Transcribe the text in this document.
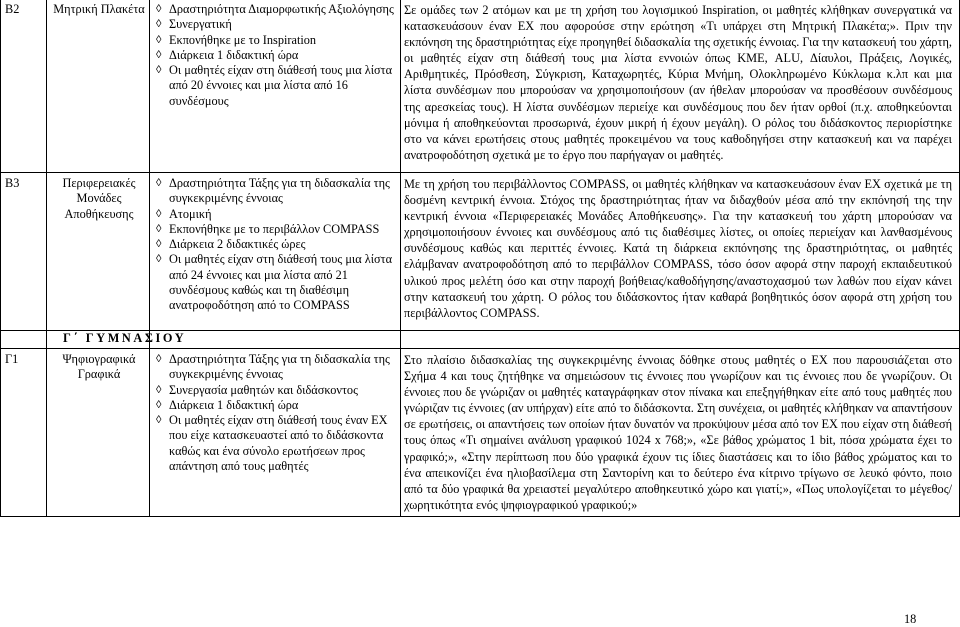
B2	Μητρική Πλακέτα
◊	Δραστηριότητα Διαμορφωτικής Αξιολόγησης
◊ Συνεργατική
◊ Εκπονήθηκε με το Inspiration
◊ Διάρκεια 1 διδακτική ώρα
◊ Οι μαθητές είχαν στη διάθεσή τους μια λίστα από 20 έννοιες και μια λίστα από 16 συνδέσμους
Σε ομάδες των 2 ατόμων και με τη χρήση του λογισμικού Inspiration, οι μαθητές κλήθηκαν συνεργατικά να κατασκευάσουν έναν ΕΧ που αφορούσε στην ερώτηση «Τι υπάρχει στη Μητρική Πλακέτα;». Πριν την εκπόνηση της δραστηριότητας είχε προηγηθεί διδασκαλία της σχετικής έννοιας. Για την κατασκευή του χάρτη, οι μαθητές είχαν στη διάθεσή τους μια λίστα εννοιών όπως ΚΜΕ, ALU, Δίαυλοι, Πράξεις, Λογικές, Αριθμητικές, Πρόσθεση, Σύγκριση, Καταχωρητές, Κύρια Μνήμη, Ολοκληρωμένο Κύκλωμα κ.λπ και μια λίστα συνδέσμων που μπορούσαν να χρησιμοποιήσουν (αν ήθελαν μπορούσαν να προσθέσουν συνδέσμους της αρεσκείας τους). Η λίστα συνδέσμων περιείχε και συνδέσμους που δεν ήταν ορθοί (π.χ. αποθηκεύονται μόνιμα ή αποθηκεύονται προσωρινά, έχουν μικρή ή έχουν μεγάλη). Ο ρόλος του διδάσκοντος περιορίστηκε στο να κάνει ερωτήσεις στους μαθητές προκειμένου να τους καθοδηγήσει στην κατασκευή και να παρέχει ανατροφοδότηση σχετικά με το έργο που παρήγαγαν οι μαθητές.
B3	Περιφερειακές Μονάδες Αποθήκευσης
◊ Δραστηριότητα Τάξης για τη διδασκαλία της συγκεκριμένης έννοιας
◊ Ατομική
◊ Εκπονήθηκε με το περιβάλλον COMPASS
◊ Διάρκεια 2 διδακτικές ώρες
◊ Οι μαθητές είχαν στη διάθεσή τους μια λίστα από 24 έννοιες και μια λίστα από 21 συνδέσμους καθώς και τη διαθέσιμη ανατροφοδότηση από το COMPASS
Με τη χρήση του περιβάλλοντος COMPASS, οι μαθητές κλήθηκαν να κατασκευάσουν έναν ΕΧ σχετικά με τη δοσμένη κεντρική έννοια. Στόχος της δραστηριότητας ήταν να διδαχθούν μέσα από την εκπόνησή της την κεντρική έννοια «Περιφερειακές Μονάδες Αποθήκευσης». Για την κατασκευή του χάρτη μπορούσαν να χρησιμοποιήσουν έννοιες και συνδέσμους από τις διαθέσιμες λίστες, οι οποίες περιείχαν και λανθασμένους συνδέσμους καθώς και περιττές έννοιες. Κατά τη διάρκεια εκπόνησης της δραστηριότητας, οι μαθητές ελάμβαναν ανατροφοδότηση από το περιβάλλον COMPASS, τόσο όσον αφορά στην παροχή εκπαιδευτικού υλικού προς μελέτη όσο και στην παροχή βοήθειας/καθοδήγησης/αναστοχασμού των λαθών που είχαν κάνει στην κατασκευή του χάρτη. Ο ρόλος του διδάσκοντος ήταν καθαρά βοηθητικός όσον αφορά στη χρήση του περιβάλλοντος COMPASS.
Γ΄ ΓΥΜΝΑΣΙΟΥ
Γ1	Ψηφιογραφικά Γραφικά
◊ Δραστηριότητα Τάξης για τη διδασκαλία της συγκεκριμένης έννοιας
◊ Συνεργασία μαθητών και διδάσκοντος
◊ Διάρκεια 1 διδακτική ώρα
◊ Οι μαθητές είχαν στη διάθεσή τους έναν ΕΧ που είχε κατασκευαστεί από το διδάσκοντα καθώς και ένα σύνολο ερωτήσεων προς απάντηση από τους μαθητές
Στο πλαίσιο διδασκαλίας της συγκεκριμένης έννοιας δόθηκε στους μαθητές ο ΕΧ που παρουσιάζεται στο Σχήμα 4 και τους ζητήθηκε να σημειώσουν τις έννοιες που γνωρίζουν και τις έννοιες που δε γνωρίζουν. Οι έννοιες που δε γνώριζαν οι μαθητές καταγράφηκαν στον πίνακα και επεξηγήθηκαν είτε από τους μαθητές που γνώριζαν τις έννοιες (αν υπήρχαν) είτε από το διδάσκοντα. Στη συνέχεια, οι μαθητές κλήθηκαν να απαντήσουν σε ερωτήσεις, οι απαντήσεις των οποίων ήταν δυνατόν να προκύψουν μέσα από τον ΕΧ που είχαν στη διάθεσή τους όπως «Τι σημαίνει ανάλυση γραφικού 1024 x 768;», «Σε βάθος χρώματος 1 bit, πόσα χρώματα έχει το γραφικό;», «Στην περίπτωση που δύο γραφικά έχουν τις ίδιες διαστάσεις και το ίδιο βάθος χρώματος και το ένα απεικονίζει ένα ηλιοβασίλεμα στη Σαντορίνη και το δεύτερο ένα κίτρινο τρίγωνο σε λευκό φόντο, ποιο από τα δύο γραφικά θα χρειαστεί μεγαλύτερο αποθηκευτικό χώρο και γιατί;», «Πως υπολογίζεται το μέγεθος/χωρητικότητα ενός ψηφιογραφικού γραφικού;»
18
